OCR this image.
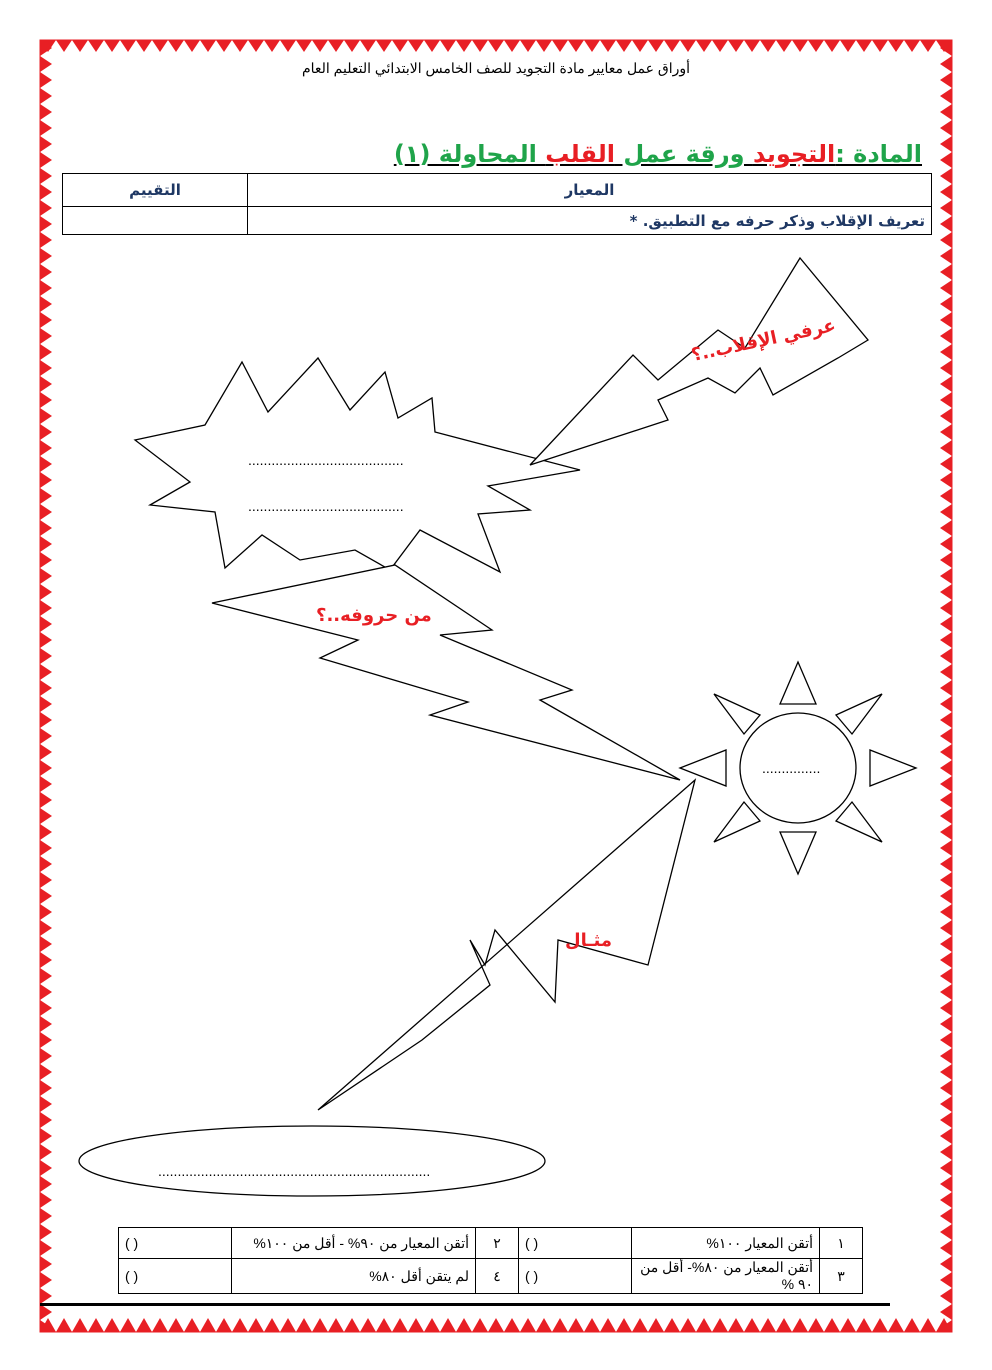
أوراق عمل معايير مادة التجويد للصف الخامس الابتدائي التعليم العام
المادة :التجويد ورقة عمل القلب المحاولة (١)
المعيار	التقييم
تعريف الإقلاب وذكر حرفه مع التطبيق. *	
........................................
........................................
...............
......................................................................
عرفي الإقلاب..؟
من حروفه..؟
مثـال
١	أتقن المعيار ١٠٠%	( )	٢	أتقن المعيار من ٩٠% - أقل من ١٠٠%	( )
٣	أتقن المعيار من ٨٠%- أقل من ٩٠ %	( )	٤	لم يتقن أقل ٨٠%	( )
